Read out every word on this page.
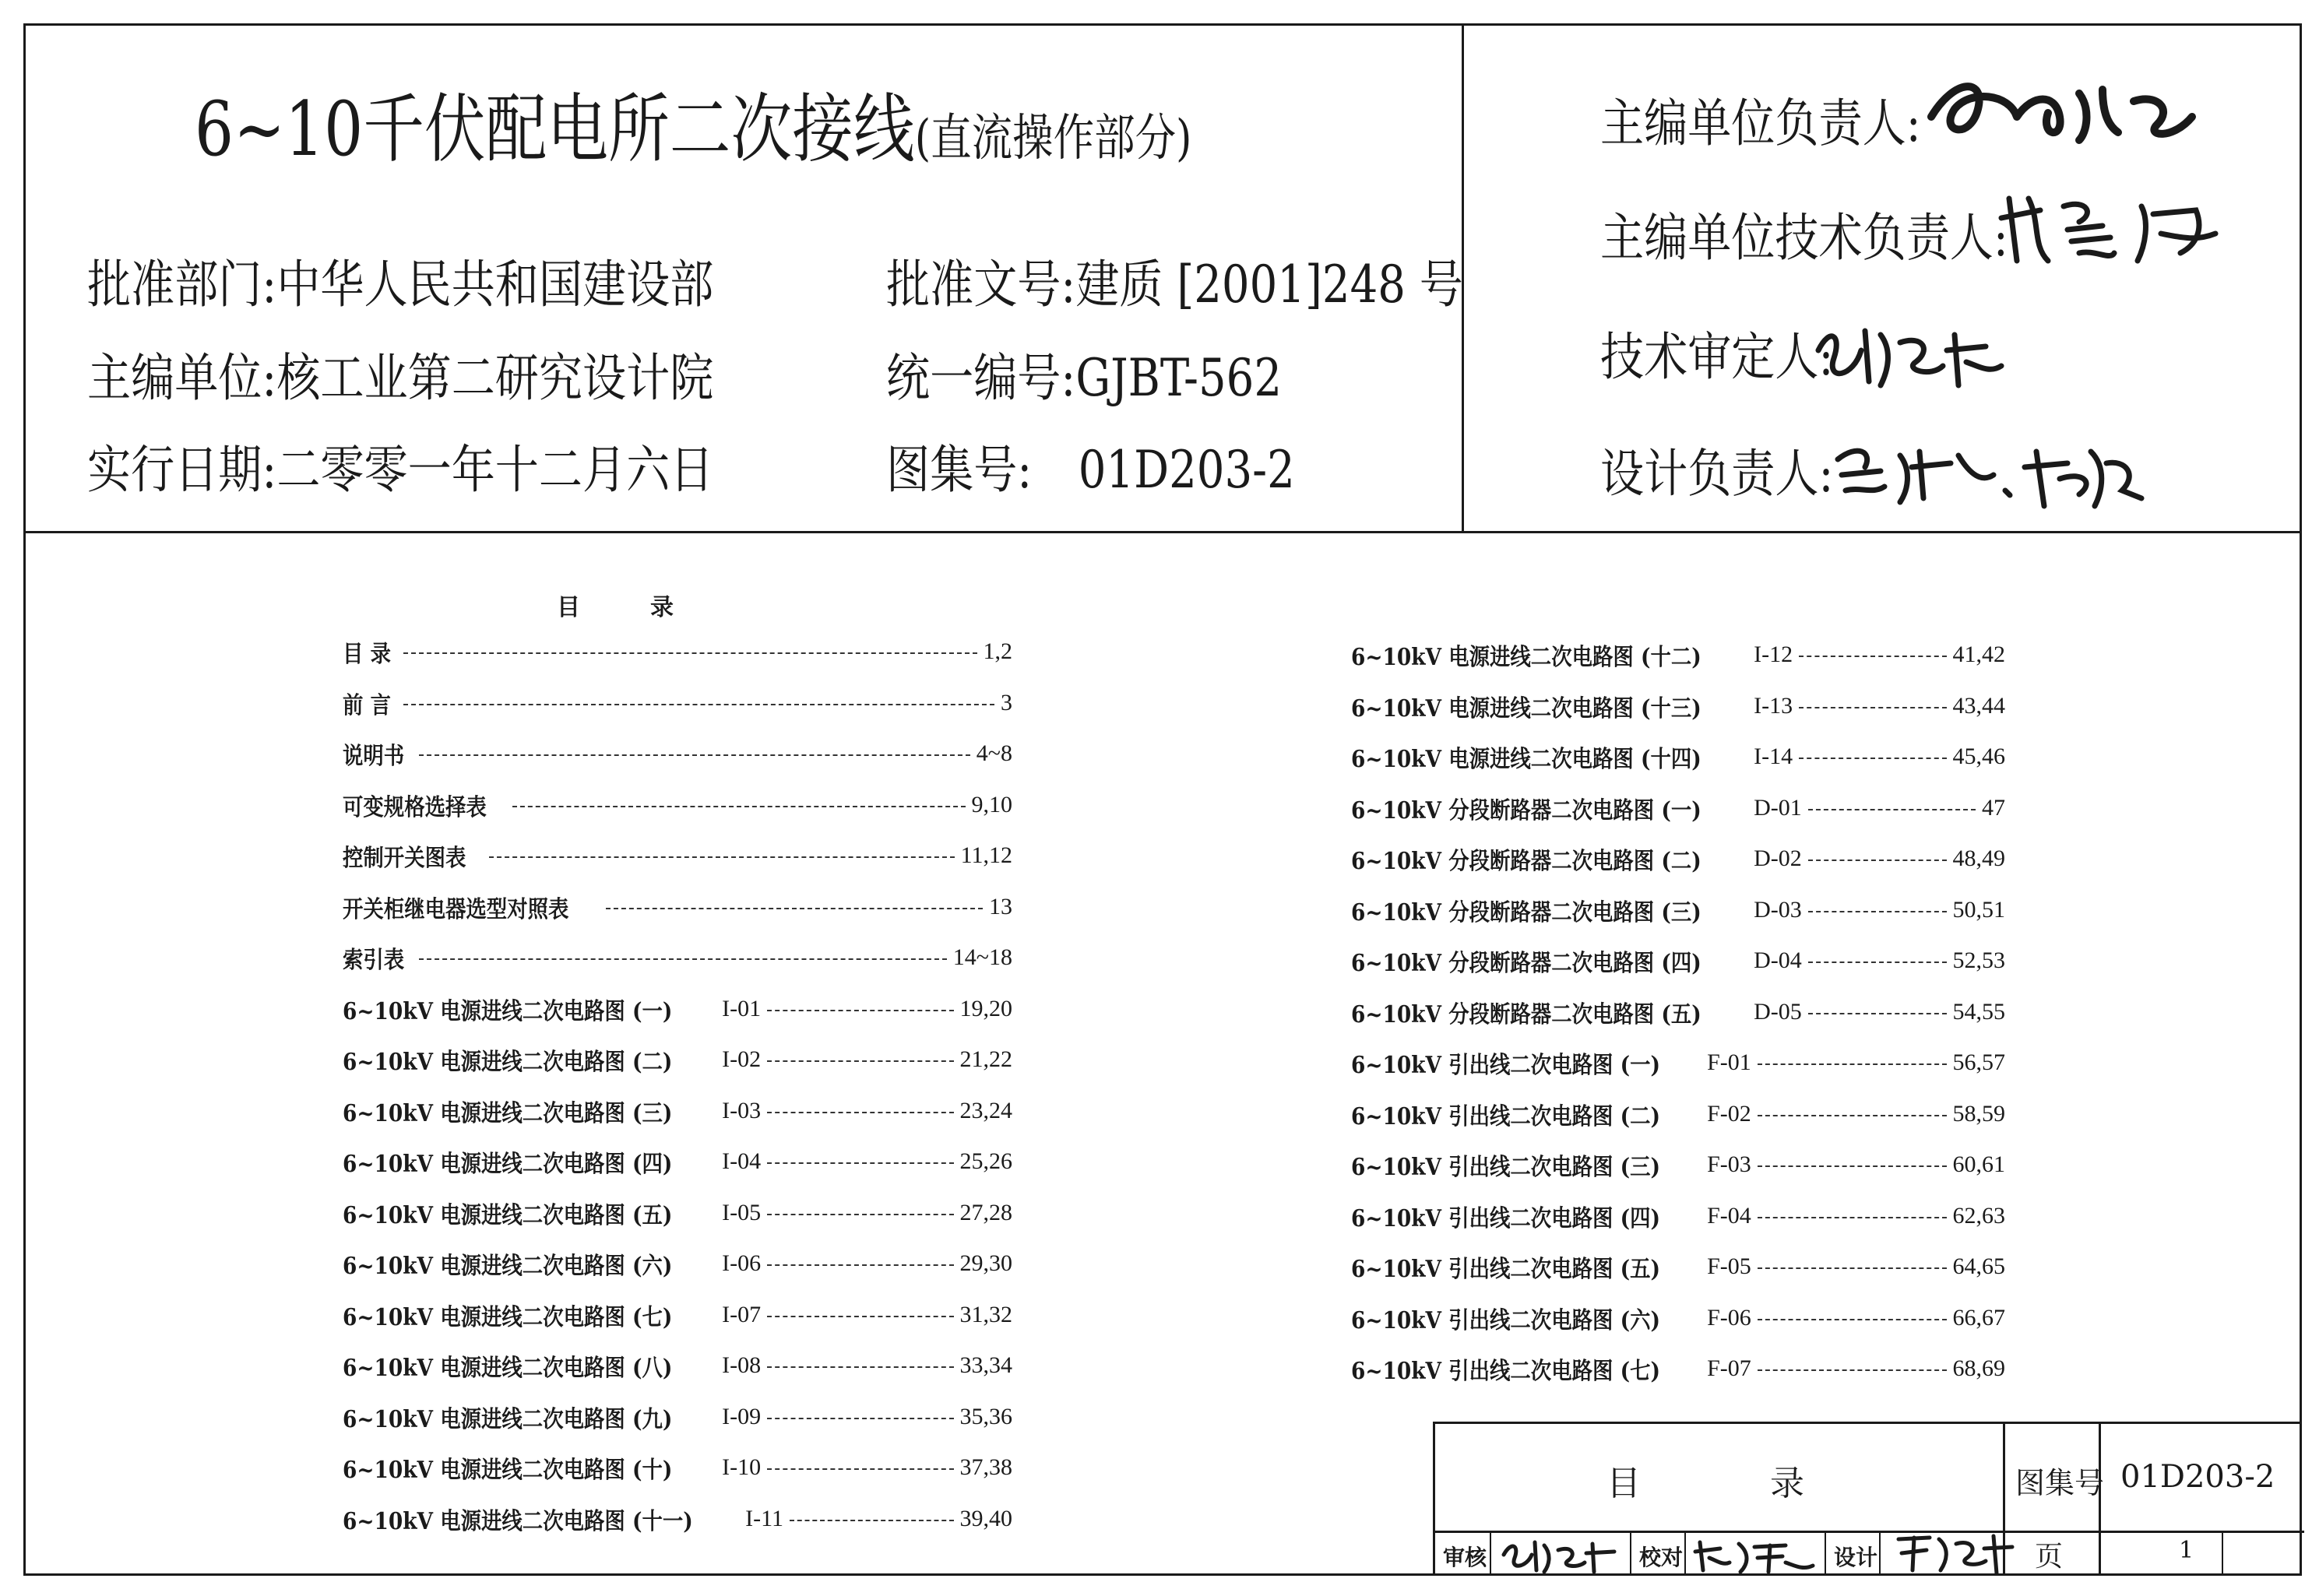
6~10千伏配电所二次接线(直流操作部分)
批准部门:中华人民共和国建设部	批准文号:建质 [2001]248 号
主编单位:核工业第二研究设计院	统一编号:GJBT-562
实行日期:二零零一年十二月六日	图集号: 01D203-2
主编单位负责人:
主编单位技术负责人:
技术审定人:
设计负责人:
目　　　录
目 录	1,2
前 言	3
说明书	4~8
可变规格选择表	9,10
控制开关图表	11,12
开关柜继电器选型对照表	13
索引表	14~18
6~10kV 电源进线二次电路图 (一) I-01	19,20
6~10kV 电源进线二次电路图 (二) I-02	21,22
6~10kV 电源进线二次电路图 (三) I-03	23,24
6~10kV 电源进线二次电路图 (四) I-04	25,26
6~10kV 电源进线二次电路图 (五) I-05	27,28
6~10kV 电源进线二次电路图 (六) I-06	29,30
6~10kV 电源进线二次电路图 (七) I-07	31,32
6~10kV 电源进线二次电路图 (八) I-08	33,34
6~10kV 电源进线二次电路图 (九) I-09	35,36
6~10kV 电源进线二次电路图 (十) I-10	37,38
6~10kV 电源进线二次电路图 (十一) I-11	39,40
6~10kV 电源进线二次电路图 (十二) I-12	41,42
6~10kV 电源进线二次电路图 (十三) I-13	43,44
6~10kV 电源进线二次电路图 (十四) I-14	45,46
6~10kV 分段断路器二次电路图 (一) D-01	47
6~10kV 分段断路器二次电路图 (二) D-02	48,49
6~10kV 分段断路器二次电路图 (三) D-03	50,51
6~10kV 分段断路器二次电路图 (四) D-04	52,53
6~10kV 分段断路器二次电路图 (五) D-05	54,55
6~10kV 引出线二次电路图 (一) F-01	56,57
6~10kV 引出线二次电路图 (二) F-02	58,59
6~10kV 引出线二次电路图 (三) F-03	60,61
6~10kV 引出线二次电路图 (四) F-04	62,63
6~10kV 引出线二次电路图 (五) F-05	64,65
6~10kV 引出线二次电路图 (六) F-06	66,67
6~10kV 引出线二次电路图 (七) F-07	68,69
目	录	图集号 01D203-2
审核	校对	设计	页	1
